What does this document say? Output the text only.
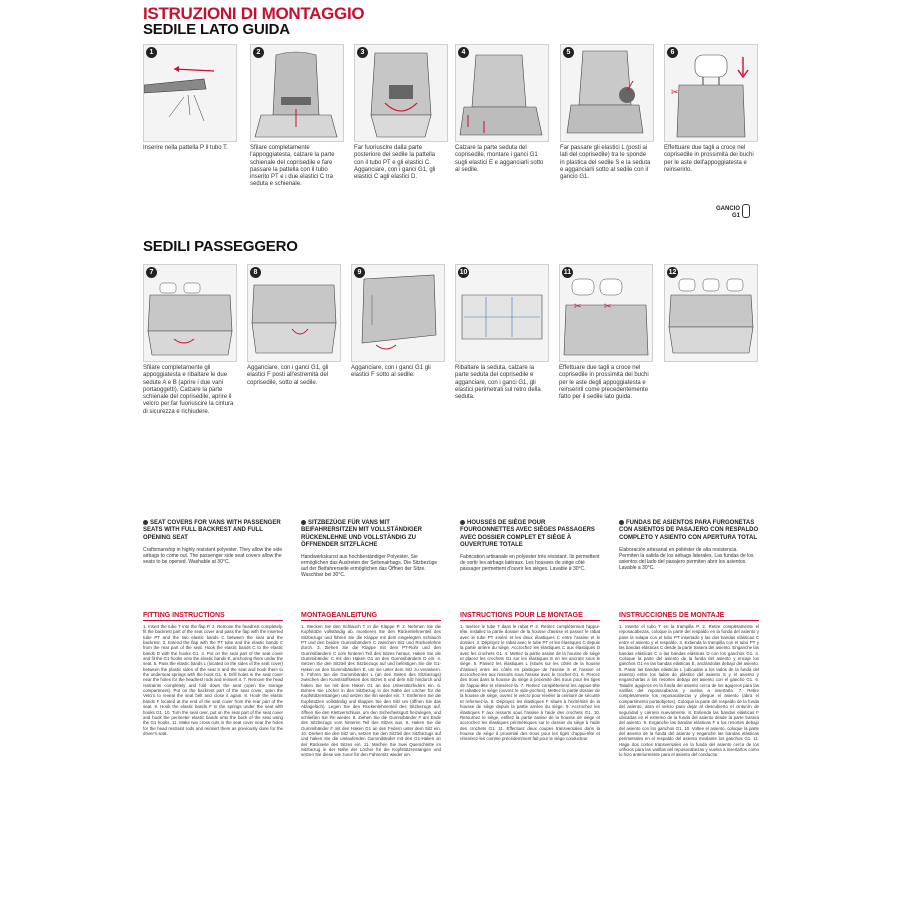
ISTRUZIONI DI MONTAGGIO
SEDILE LATO GUIDA
1
Inserire nella pattella P il tubo T.
2
Sfilare completamente l'appoggiatesta, calzare la parte schienale del coprisedile e fare passare la pattella con il tubo inserito PT e i due elastici C tra seduta e schienale.
3
Far fuoriuscire dalla parte posteriore del sedile la pattella con il tubo PT e gli elastici C. Agganciare, con i ganci G1, gli elastici C agli elastici D.
4
Calzare la parte seduta del coprisedile, montare i ganci G1 sugli elastici E e agganciarli sotto al sedile.
5
Far passare gli elastici L (posti ai lati del coprisedile) tra le sponde in plastica del sedile S e la seduta e agganciarli sotto al sedile con il gancio G1.
✂
6
Effettuare due tagli a croce nel coprisedile in prossimità dei buchi per le aste dell'appoggiatesta e reinserirlo.
GANCIO G1
SEDILI PASSEGGERO
7
Sfilare completamente gli appoggiatesta e ribaltare le due sedute A e B (aprire i due vani portaoggetti). Calzare la parte schienale del coprisedile, aprire il velcro per far fuoriuscire la cintura di sicurezza e richiudere.
8
Agganciare, con i ganci G1, gli elastici F posti all'estremità del coprisedile, sotto al sedile.
9
Agganciare, con i ganci G1 gli elastici F sotto al sedile.
10
Ribaltare la seduta, calzare la parte seduta del coprisedile e agganciare, con i ganci G1, gli elastici perimetrali sul retro della seduta.
✂ ✂
11
Effettuare due tagli a croce nel coprisedile in prossimità dei buchi per le aste degli appoggiatesta e reinserirli come precedentemente fatto per il sedile lato guida.
12
SEAT COVERS FOR VANS WITH PASSENGER SEATS WITH FULL BACKREST AND FULL OPENING SEAT
Craftsmanship in highly resistant polyester. They allow the side airbags to come out. The passenger side seat covers allow the seats to be opened. Washable at 30°C.
SITZBEZÜGE FÜR VANS MIT BEIFAHRERSITZEN MIT VOLLSTÄNDIGER RÜCKENLEHNE UND VOLLSTÄNDIG ZU ÖFFNENDER SITZFLÄCHE
Handwerkskunst aus hochbeständiger Polyester. Sie ermöglichen das Austreten der Seitenairbags. Die Sitzbezüge auf der Beifahrerseite ermöglichen das Öffnen der Sitze. Waschbar bei 30°C.
HOUSSES DE SIÈGE POUR FOURGONNETTES AVEC SIÈGES PASSAGERS AVEC DOSSIER COMPLET ET SIÈGE À OUVERTURE TOTALE
Fabrication artisanale en polyester très résistant. Ils permettent de sortir les airbags latéraux. Les housses de siège côté passager permettent d'ouvrir les sièges. Lavable à 30°C.
FUNDAS DE ASIENTOS PARA FURGONETAS CON ASIENTOS DE PASAJERO CON RESPALDO COMPLETO Y ASIENTO CON APERTURA TOTAL
Elaboración artesanal en poliéster de alta resistencia. Permiten la salida de los airbags laterales. Las fundas de los asientos del lado del pasajero permiten abrir los asientos. Lavable a 30°C.
FITTING INSTRUCTIONS	MONTAGEANLEITUNG	INSTRUCTIONS POUR LE MONTAGE	INSTRUCCIONES DE MONTAJE
1. Insert the tube T into the flap P. 2. Remove the headrest completely, fit the backrest part of the seat cover and pass the flap with the inserted tube PT and the two elastic bands C between the seat and the backrest. 3. Extend the flap with the PT tube and the elastic bands C from the rear part of the seat. Hook the elastic bands C to the elastic bands D with the hooks G1. 4. Put on the seat part of the seat cover and fit the G1 hooks onto the elastic bands E, anchoring them under the seat. 5. Pass the elastic bands L (located on the sides of the seat cover) between the plastic sides of the seat S and the seat and hook them to the underseat springs with the hook G1. 6. Drill holes in the seat cover near the holes for the headrest rods and reinsert it. 7. Remove the head restraints completely and fold down the seat (open the storage compartment). Put on the backrest part of the seat cover, open the Velcro to reveal the seat belt and close it again. 8. Hook the elastic bands F located at the end of the seat cover from the rear part of the seat. 9. Hook the elastic bands F to the springs under the seat with hooks G1. 10. Turn the seat over, put on the seat part of the seat cover and hook the perimeter elastic bands onto the back of the seat using the G1 hooks. 11. Make two cross cuts in the seat cover near the holes for the head restraint rods and reinsert them as previously done for the driver's seat.
1. Stecken Sie den Schlauch T in die Klappe P. 2. Nehmen Sie die Kopfstütze vollständig ab, montieren Sie den Rückenlehnenteil des Sitzbezugs und führen Sie die Klappe mit dem eingelegten Schlauch PT und den beiden Gummibändern C zwischen Sitz und Rückenlehne durch. 3. Ziehen Sie die Klappe mit dem PT-Rohr und den Gummibändern C vom hinteren Teil des Sitzes heraus. Haken Sie die Gummibänder C mit den Haken G1 an den Gummibändern D ein. 4. Setzen Sie den Sitzteil des Sitzbezugs auf und befestigen Sie die G1-Haken an den Gummibändern E, um sie unter dem Sitz zu verankern. 5. Führen Sie die Gummibänder L (an den Seiten des Sitzbezugs) zwischen den Kunststoffseiten des Sitzes S und dem Sitz hindurch und haken Sie sie mit dem Haken G1 an den Unterstützfedern ein. 6. Bohren Sie Löcher in den Sitzbezug in der Nähe der Löcher für die Kopfstützenstangen und setzen Sie ihn wieder ein. 7. Entfernen Sie die Kopfstützen vollständig und klappen Sie den Sitz um (öffnen Sie das Ablagefach). Legen Sie den Rückenlehnenteil des Sitzbezugs auf, öffnen Sie den Klettverschluss, um den Sicherheitsgurt freizulegen, und schließen Sie ihn wieder. 8. Ziehen Sie die Gummibänder F am Ende des Sitzbezugs vom hinteren Teil des Sitzes aus. 9. Haken Sie die Gummibänder F mit den Haken G1 an den Federn unter dem Sitz ein. 10. Drehen Sie den Sitz um, setzen Sie den Sitzteil des Sitzbezugs auf und haken Sie die umlaufenden Gummibänder mit den G1-Haken an der Rückseite des Sitzes ein. 11. Machen Sie zwei Querschnitte im Sitzbezug in der Nähe der Löcher für die Kopfstützenstangen und setzen Sie diese wie zuvor für den Fahrersitz wieder ein.
1. Insérez le tube T dans le rabat P. 2. Retirez complètement l'appui-tête, installez la partie dossier de la housse d'assise et passez le rabat avec le tube PT inséré et les deux élastiques C entre l'assise et le dossier. 3. Déployez le rabat avec le tube PT et les élastiques C depuis la partie arrière du siège. Accrochez les élastiques C aux élastiques D avec les crochets G1. 4. Mettez la partie assise de la housse de siège et placez les crochets G1 sur les élastiques E en les ancrant sous le siège. 5. Passez les élastiques L (situés sur les côtés de la housse d'assise) entre les côtés en plastique de l'assise S et l'assise et accrochez-les aux ressorts sous l'assise avec le crochet G1. 6. Percez des trous dans la housse du siège à proximité des trous pour les tiges de l'appui-tête et réinsérez-la. 7. Retirez complètement les appuis-tête et rabattez le siège (ouvrez le vide-poches). Mettez la partie dossier de la housse de siège, ouvrez le velcro pour révéler la ceinture de sécurité et refermez-la. 8. Déployez les élastiques F situés à l'extrémité de la housse de siège depuis la partie arrière du siège. 9. Accrochez les élastiques F aux ressorts sous l'assise à l'aide des crochets G1. 10. Retournez le siège, enfilez la partie assise de la housse de siège et accrochez les élastiques périmétriques sur le dossier du siège à l'aide des crochets G1. 11. Effectuez deux coupes transversales dans la housse de siège à proximité des trous pour les tiges d'appui-tête et réinsérez-les comme précédemment fait pour le siège conducteur.
1. Inserte el tubo T en la trampilla P. 2. Retire completamente el reposacabezas, coloque la parte del respaldo en la funda del asiento y pase la solapa con el tubo PT insertado y las dos bandas elásticas C entre el asiento y el respaldo. 3. Extienda la trampilla con el tubo PT y las bandas elásticas C desde la parte trasera del asiento. Enganche las bandas elásticas C a las bandas elásticas D con los ganchos G1. 4. Coloque la parte del asiento de la funda del asiento y encaje los ganchos G1 en las bandas elásticas E, anclándolas debajo del asiento. 5. Pasar las bandas elásticas L (ubicadas a los lados de la funda del asiento) entre los lados de plástico del asiento S y el asiento y engancharlas a los resortes debajo del asiento con el gancho G1. 6. Taladre agujeros en la funda del asiento cerca de los agujeros para las varillas del reposacabezas y vuelva a insertarla. 7. Retire completamente los reposacabezas y pliegue el asiento (abra el compartimento portaobjetos). Coloque la parte del respaldo de la funda del asiento, abra el velcro para dejar al descubierto el cinturón de seguridad y ciérrelo nuevamente. 8. Extienda las bandas elásticas F ubicadas en el extremo de la funda del asiento desde la parte trasera del asiento. 9. Enganche las bandas elásticas F a los resortes debajo del asiento con los ganchos G1. 10. Voltee el asiento, coloque la parte del asiento de la funda del asiento y enganche las bandas elásticas perimetrales en el respaldo del asiento mediante los ganchos G1. 11. Haga dos cortes transversales en la funda del asiento cerca de los orificios para las varillas del reposacabezas y vuelva a insertarlos como lo hizo anteriormente para el asiento del conductor.
